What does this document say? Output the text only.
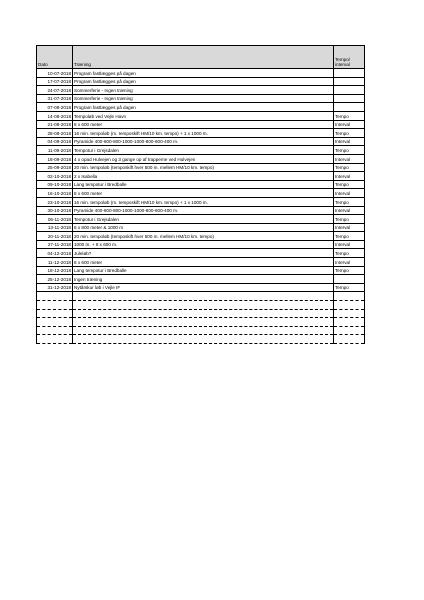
Dato	Træning	Tempo/
interval
10-07-2018	Program fastlægges på dagen	
17-07-2018	Program fastlægges på dagen	
24-07-2018	Sommerferie - Ingen træning	
31-07-2018	Sommerferie - Ingen træning	
07-08-2018	Program fastlægges på dagen	
14-08-2018	Tempoløb ved Vejle Havn	Tempo
21-08-2018	8 x 600 meter	Interval
28-08-2018	16 min. tempoløb (m. temposkift HM/10 km. tempo) + 1 x 1000 m.	Tempo
04-09-2018	Pyramide 400-600-800-1000-1000-800-600-400 m.	Interval
11-09-2018	Tempotur i Grejsdalen	Tempo
18-09-2018	4 x opad Hulvejen og 3 gange op af trapperne ved Hulvejen	Interval
25-09-2018	20 min. tempoløb (temposkift hver 500 m. mellem HM/10 km. tempo)	Tempo
02-10-2018	2 x Isabella	Interval
09-10-2018	Lang tempotur i Bredballe	Tempo
16-10-2018	8 x 600 meter	Interval
23-10-2018	16 min. tempoløb (m. temposkift HM/10 km. tempo) + 1 x 1000 m.	Tempo
30-10-2018	Pyramide 400-600-800-1000-1000-800-600-400 m.	Interval
06-11-2018	Tempotur i Grejsdalen	Tempo
13-11-2018	6 x 800 meter & 1000 m	Interval
20-11-2018	20 min. tempoløb (temposkift hver 500 m. mellem HM/10 km. tempo)	Tempo
27-11-2018	1000 m. + 8 x 600 m.	Interval
04-12-2018	Juleløb?	Tempo
11-12-2018	8 x 600 meter	Interval
18-12-2018	Lang tempotur i Bredballe	Tempo
25-12-2018	Ingen træning	
31-12-2018	Nytårskur løb i Vejle IF	Tempo
